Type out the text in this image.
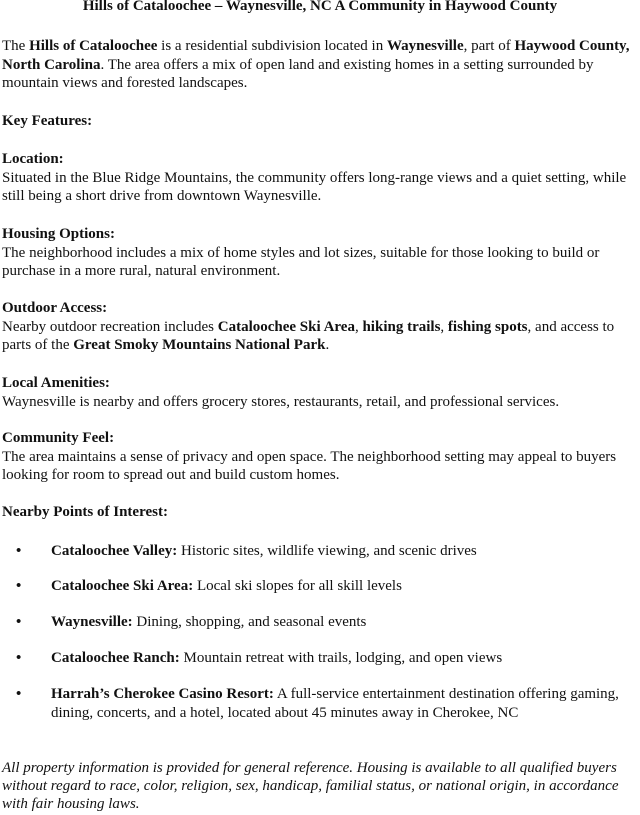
Hills of Cataloochee – Waynesville, NC A Community in Haywood County

The Hills of Cataloochee is a residential subdivision located in Waynesville, part of Haywood County, North Carolina. The area offers a mix of open land and existing homes in a setting surrounded by mountain views and forested landscapes.

Key Features:

Location:

Situated in the Blue Ridge Mountains, the community offers long-range views and a quiet setting, while still being a short drive from downtown Waynesville.

Housing Options:

The neighborhood includes a mix of home styles and lot sizes, suitable for those looking to build or purchase in a more rural, natural environment.

Outdoor Access:

Nearby outdoor recreation includes Cataloochee Ski Area, hiking trails, fishing spots, and access to parts of the Great Smoky Mountains National Park.

Local Amenities:

Waynesville is nearby and offers grocery stores, restaurants, retail, and professional services.

Community Feel:

The area maintains a sense of privacy and open space. The neighborhood setting may appeal to buyers looking for room to spread out and build custom homes.

Nearby Points of Interest:

• Cataloochee Valley: Historic sites, wildlife viewing, and scenic drives
• Cataloochee Ski Area: Local ski slopes for all skill levels
• Waynesville: Dining, shopping, and seasonal events
• Cataloochee Ranch: Mountain retreat with trails, lodging, and open views
• Harrah’s Cherokee Casino Resort: A full-service entertainment destination offering gaming, dining, concerts, and a hotel, located about 45 minutes away in Cherokee, NC

All property information is provided for general reference. Housing is available to all qualified buyers without regard to race, color, religion, sex, handicap, familial status, or national origin, in accordance with fair housing laws.
